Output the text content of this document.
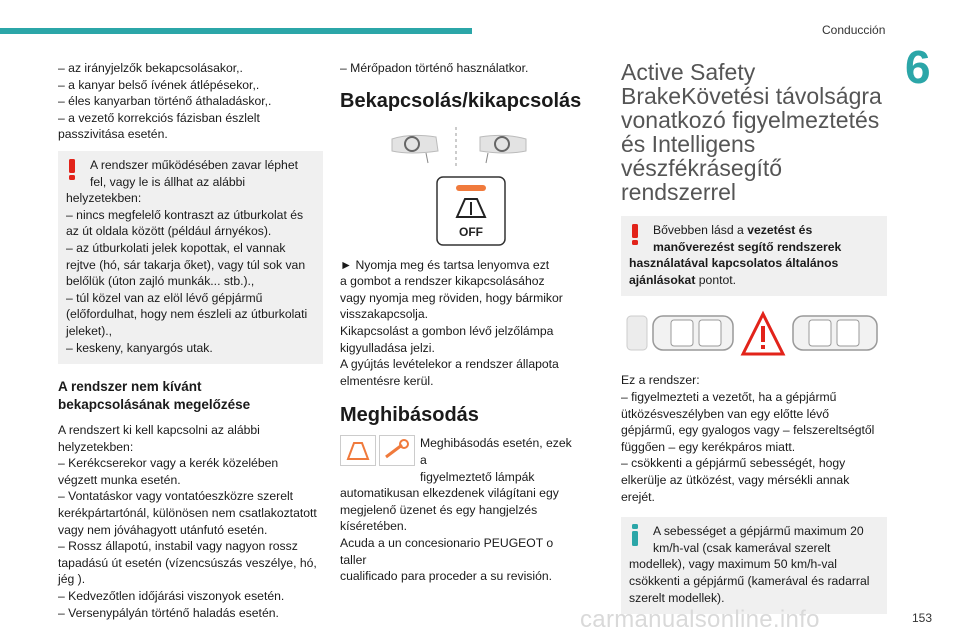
Conducción
6

– az irányjelzők bekapcsolásakor,.

– a kanyar belső ívének átlépésekor,.

– éles kanyarban történő áthaladáskor,.

– a vezető korrekciós fázisban észlelt

passzivitása esetén.

A rendszer működésében zavar léphet

fel, vagy le is állhat az alábbi

helyzetekben:

– nincs megfelelő kontraszt az útburkolat és

az út oldala között (például árnyékos).

– az útburkolati jelek kopottak, el vannak

rejtve (hó, sár takarja őket), vagy túl sok van

belőlük (úton zajló munkák... stb.).,

– túl közel van az elöl lévő gépjármű

(előfordulhat, hogy nem észleli az útburkolati

jeleket).,

– keskeny, kanyargós utak.

A rendszer nem kívánt
bekapcsolásának megelőzése

A rendszert ki kell kapcsolni az alábbi

helyzetekben:

– Kerékcserekor vagy a kerék közelében

végzett munka esetén.

– Vontatáskor vagy vontatóeszközre szerelt

kerékpártartónál, különösen nem csatlakoztatott

vagy nem jóváhagyott utánfutó esetén.

– Rossz állapotú, instabil vagy nagyon rossz

tapadású út esetén (vízencsúszás veszélye, hó,

jég ).

– Kedvezőtlen időjárási viszonyok esetén.

– Versenypályán történő haladás esetén.

– Mérőpadon történő használatkor.

Bekapcsolás/kikapcsolás
OFF

► Nyomja meg és tartsa lenyomva ezt

a gombot a rendszer kikapcsolásához

vagy nyomja meg röviden, hogy bármikor

visszakapcsolja.

Kikapcsolást a gombon lévő jelzőlámpa

kigyulladása jelzi.

A gyújtás levételekor a rendszer állapota

elmentésre kerül.

Meghibásodás

Meghibásodás esetén, ezek a

figyelmeztető lámpák

automatikusan elkezdenek világítani egy

megjelenő üzenet és egy hangjelzés

kíséretében.

Acuda a un concesionario PEUGEOT o taller

cualificado para proceder a su revisión.

Active Safety

BrakeKövetési távolságra

vonatkozó figyelmeztetés

és Intelligens

vészfékrásegítő

rendszerrel

Bővebben lásd a vezetést és

manőverezést segítő rendszerek

használatával kapcsolatos általános

ajánlásokat pontot.

Ez a rendszer:

– figyelmezteti a vezetőt, ha a gépjármű

ütközésveszélyben van egy előtte lévő

gépjármű, egy gyalogos vagy – felszereltségtől

függően – egy kerékpáros miatt.

– csökkenti a gépjármű sebességét, hogy

elkerülje az ütközést, vagy mérsékli annak

erejét.

A sebességet a gépjármű maximum 20

km/h-val (csak kamerával szerelt

modellek), vagy maximum 50 km/h-val

csökkenti a gépjármű (kamerával és radarral

szerelt modellek).

carmanualsonline.info	153
